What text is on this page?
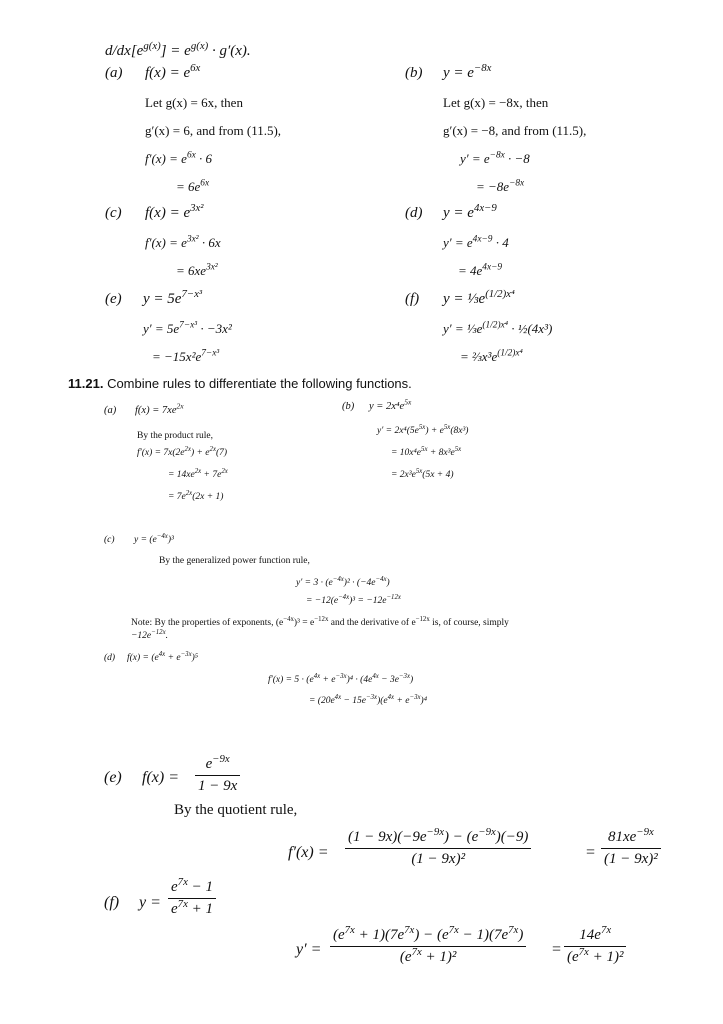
$d/dx[e^{g(x)}] = e^{g(x)} \cdot g'(x)$.
(a) $f(x) = e^{6x}$
Let g(x) = 6x, then
g′(x) = 6, and from (11.5),
$f'(x) = e^{6x} \cdot 6$
= $6e^{6x}$
(b) $y = e^{-8x}$
Let g(x) = −8x, then
g′(x) = −8, and from (11.5),
$y' = e^{-8x} \cdot -8$
= $-8e^{-8x}$
(c) $f(x) = e^{3x^2}$
$f'(x) = e^{3x^2} \cdot 6x$
= $6xe^{3x^2}$
(d) $y = e^{4x-9}$
$y' = e^{4x-9} \cdot 4$
= $4e^{4x-9}$
(e) $y = 5e^{7-x^3}$
$y' = 5e^{7-x^3} \cdot -3x^2$
= $-15x^2e^{7-x^3}$
(f) $y = \frac{1}{3}e^{(1/2)x^4}$
$y' = \frac{1}{3}e^{(1/2)x^4}$ · ½(4x³)
= $\frac{2}{3}x^3e^{(1/2)x^4}$
11.21. Combine rules to differentiate the following functions.
(a) $f(x) = 7xe^{2x}$
By the product rule,
$f'(x) = 7x(2e^{2x}) + e^{2x}(7)$
= $14xe^{2x} + 7e^{2x}$
= $7e^{2x}(2x + 1)$
(b) $y = 2x^4e^{5x}$
$y' = 2x^4(5e^{5x}) + e^{5x}(8x^3)$
= $10x^4e^{5x} + 8x^3e^{5x}$
= $2x^3e^{5x}(5x + 4)$
(c) $y = (e^{-4x})^3$
By the generalized power function rule,
$y' = 3 \cdot (e^{-4x})^2 \cdot (-4e^{-4x})$
= $-12(e^{-4x})^3 = -12e^{-12x}$
Note: By the properties of exponents, $(e^{-4x})^3 = e^{-12x}$ and the derivative of $e^{-12x}$ is, of course, simply
$-12e^{-12x}$.
(d) $f(x) = (e^{4x} + e^{-3x})^5$
$f'(x) = 5 \cdot (e^{4x} + e^{-3x})^4 \cdot (4e^{4x} - 3e^{-3x})$
= $(20e^{4x} - 15e^{-3x})(e^{4x} + e^{-3x})^4$
(e) $f(x) = \frac{e^{-9x}}{1 - 9x}$
By the quotient rule,
$f'(x) = \frac{(1 - 9x)(-9e^{-9x}) - (e^{-9x})(-9)}{\text{(1 − 9x)²}}$	= $\frac{81xe^{-9x}}{\text{(1 − 9x)²}}$
(f) $y = \frac{e^{7x} - 1}{e^{7x} + 1}$
$y' = \frac{(e^{7x} + 1)(7e^{7x}) - (e^{7x} - 1)(7e^{7x})}{(e^{7x} + 1)^2} = \frac{14e^{7x}}{(e^{7x} + 1)^2}$
